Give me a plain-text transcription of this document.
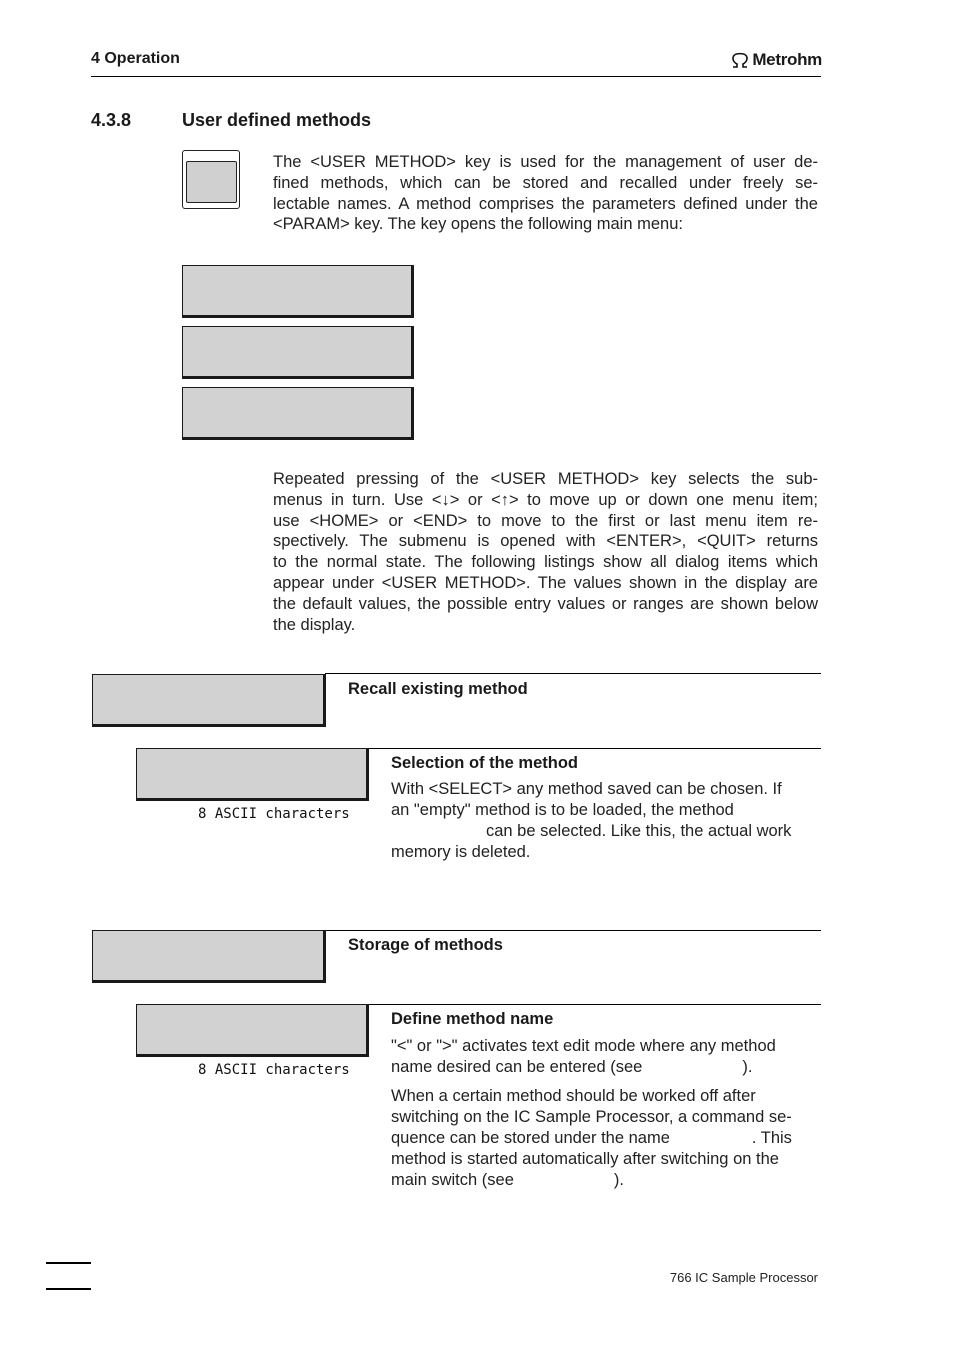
4 Operation	Metrohm
4.3.8	User defined methods
The <USER METHOD> key is used for the management of user de-
fined methods, which can be stored and recalled under freely se-
lectable names. A method comprises the parameters defined under the
<PARAM> key. The key opens the following main menu:
Repeated pressing of the <USER METHOD> key selects the sub-
menus in turn. Use <↓> or <↑> to move up or down one menu item;
use <HOME> or <END> to move to the first or last menu item re-
spectively. The submenu is opened with <ENTER>, <QUIT> returns
to the normal state. The following listings show all dialog items which
appear under <USER METHOD>. The values shown in the display are
the default values, the possible entry values or ranges are shown below
the display.
Recall existing method
8 ASCII characters
Selection of the method
With <SELECT> any method saved can be chosen. If
an "empty" method is to be loaded, the method
can be selected. Like this, the actual work
memory is deleted.
Storage of methods
8 ASCII characters
Define method name
"<" or ">" activates text edit mode where any method
name desired can be entered (see	).
When a certain method should be worked off after
switching on the IC Sample Processor, a command se-
quence can be stored under the name	. This
method is started automatically after switching on the
main switch (see	).
766 IC Sample Processor
